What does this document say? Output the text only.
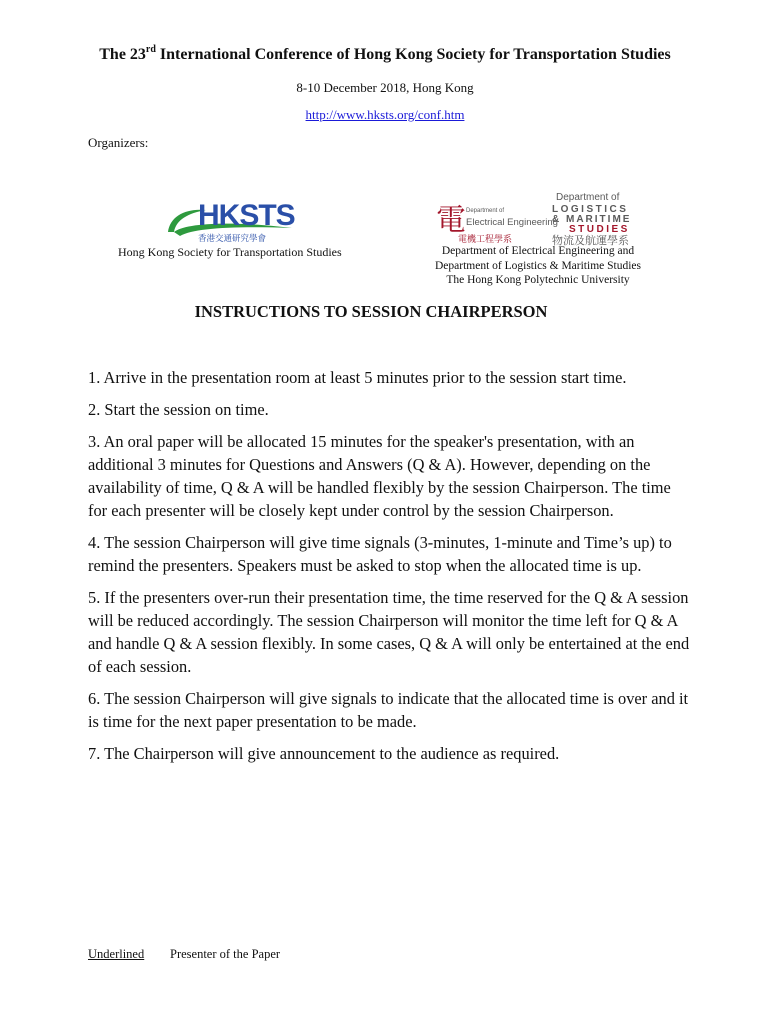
The 23rd International Conference of Hong Kong Society for Transportation Studies
8-10 December 2018, Hong Kong
http://www.hksts.org/conf.htm
Organizers:
HKSTS
香港交通研究學會
Hong Kong Society for Transportation Studies
電 Department of
Electrical Engineering
電機工程學系
Department of
LOGISTICS
& MARITIME
STUDIES
物流及航運學系
Department of Electrical Engineering and
Department of Logistics & Maritime Studies
The Hong Kong Polytechnic University
INSTRUCTIONS TO SESSION CHAIRPERSON

1. Arrive in the presentation room at least 5 minutes prior to the session start time.

2. Start the session on time.

3. An oral paper will be allocated 15 minutes for the speaker's presentation, with an additional 3 minutes for Questions and Answers (Q & A). However, depending on the availability of time, Q & A will be handled flexibly by the session Chairperson. The time for each presenter will be closely kept under control by the session Chairperson.

4. The session Chairperson will give time signals (3-minutes, 1-minute and Time’s up) to remind the presenters. Speakers must be asked to stop when the allocated time is up.

5. If the presenters over-run their presentation time, the time reserved for the Q & A session will be reduced accordingly. The session Chairperson will monitor the time left for Q & A and handle Q & A session flexibly. In some cases, Q & A will only be entertained at the end of each session.

6. The session Chairperson will give signals to indicate that the allocated time is over and it is time for the next paper presentation to be made.

7. The Chairperson will give announcement to the audience as required.

Underlined Presenter of the Paper
